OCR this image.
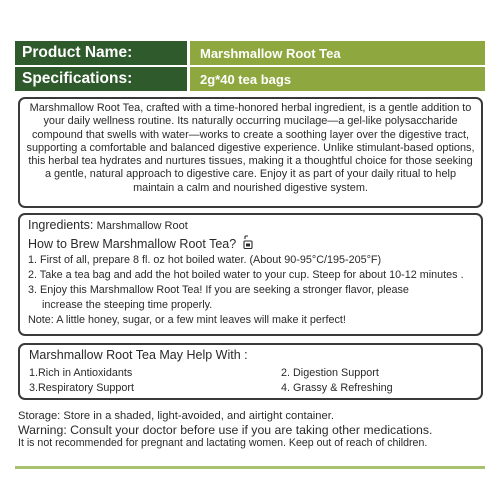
Product Name:	Marshmallow Root Tea
Specifications:	2g*40 tea bags
Marshmallow Root Tea, crafted with a time-honored herbal ingredient, is a gentle addition to your daily wellness routine. Its naturally occurring mucilage—a gel-like polysaccharide compound that swells with water—works to create a soothing layer over the digestive tract, supporting a comfortable and balanced digestive experience. Unlike stimulant-based options, this herbal tea hydrates and nurtures tissues, making it a thoughtful choice for those seeking a gentle, natural approach to digestive care. Enjoy it as part of your daily ritual to help maintain a calm and nourished digestive system.
Ingredients: Marshmallow Root
How to Brew Marshmallow Root Tea?
1. First of all, prepare 8 fl. oz hot boiled water. (About 90-95°C/195-205°F)
2. Take a tea bag and add the hot boiled water to your cup. Steep for about 10-12 minutes .
3. Enjoy this Marshmallow Root Tea! If you are seeking a stronger flavor, please
increase the steeping time properly.
Note: A little honey, sugar, or a few mint leaves will make it perfect!
Marshmallow Root Tea May Help With :
1.Rich in Antioxidants	2. Digestion Support
3.Respiratory Support	4. Grassy & Refreshing
Storage: Store in a shaded, light-avoided, and airtight container.
Warning: Consult your doctor before use if you are taking other medications.
It is not recommended for pregnant and lactating women. Keep out of reach of children.
